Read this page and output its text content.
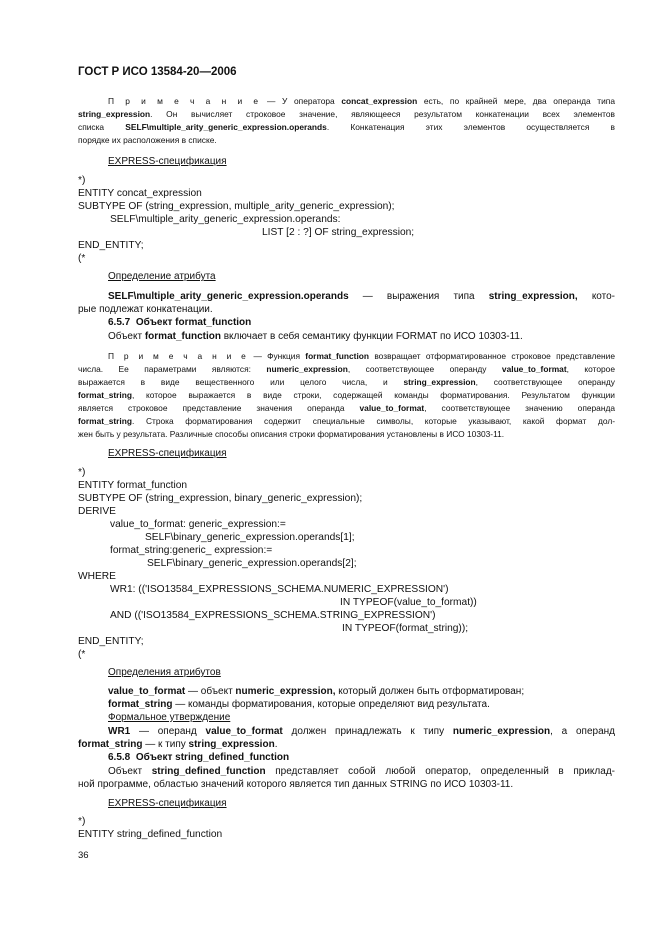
ГОСТ Р ИСО 13584-20—2006
П р и м е ч а н и е — У оператора concat_expression есть, по крайней мере, два операнда типа
string_expression. Он вычисляет строковое значение, являющееся результатом конкатенации всех элементов
списка SELF\multiple_arity_generic_expression.operands. Конкатенация этих элементов осуществляется в
порядке их расположения в списке.
EXPRESS-спецификация
*)
ENTITY concat_expression
SUBTYPE OF (string_expression, multiple_arity_generic_expression);
SELF\multiple_arity_generic_expression.operands:
LIST [2 : ?] OF string_expression;
END_ENTITY;
(*
Определение атрибута
SELF\multiple_arity_generic_expression.operands — выражения типа string_expression, кото-
рые подлежат конкатенации.
6.5.7 Объект format_function
Объект format_function включает в себя семантику функции FORMAT по ИСО 10303-11.
П р и м е ч а н и е — Функция format_function возвращает отформатированное строковое представление
числа. Ее параметрами являются: numeric_expression, соответствующее операнду value_to_format, которое
выражается в виде вещественного или целого числа, и string_expression, соответствующее операнду
format_string, которое выражается в виде строки, содержащей команды форматирования. Результатом функции
является строковое представление значения операнда value_to_format, соответствующее значению операнда
format_string. Строка форматирования содержит специальные символы, которые указывают, какой формат дол-
жен быть у результата. Различные способы описания строки форматирования установлены в ИСО 10303-11.
EXPRESS-спецификация
*)
ENTITY format_function
SUBTYPE OF (string_expression, binary_generic_expression);
DERIVE
value_to_format: generic_expression:=
SELF\binary_generic_expression.operands[1];
format_string:generic_ expression:=
SELF\binary_generic_expression.operands[2];
WHERE
WR1: (('ISO13584_EXPRESSIONS_SCHEMA.NUMERIC_EXPRESSION')
IN TYPEOF(value_to_format))
AND (('ISO13584_EXPRESSIONS_SCHEMA.STRING_EXPRESSION')
IN TYPEOF(format_string));
END_ENTITY;
(*
Определения атрибутов
value_to_format — объект numeric_expression, который должен быть отформатирован;
format_string — команды форматирования, которые определяют вид результата.
Формальное утверждение
WR1 — операнд value_to_format должен принадлежать к типу numeric_expression, а операнд
format_string — к типу string_expression.
6.5.8 Объект string_defined_function
Объект string_defined_function представляет собой любой оператор, определенный в приклад-
ной программе, областью значений которого является тип данных STRING по ИСО 10303-11.
EXPRESS-спецификация
*)
ENTITY string_defined_function
36
